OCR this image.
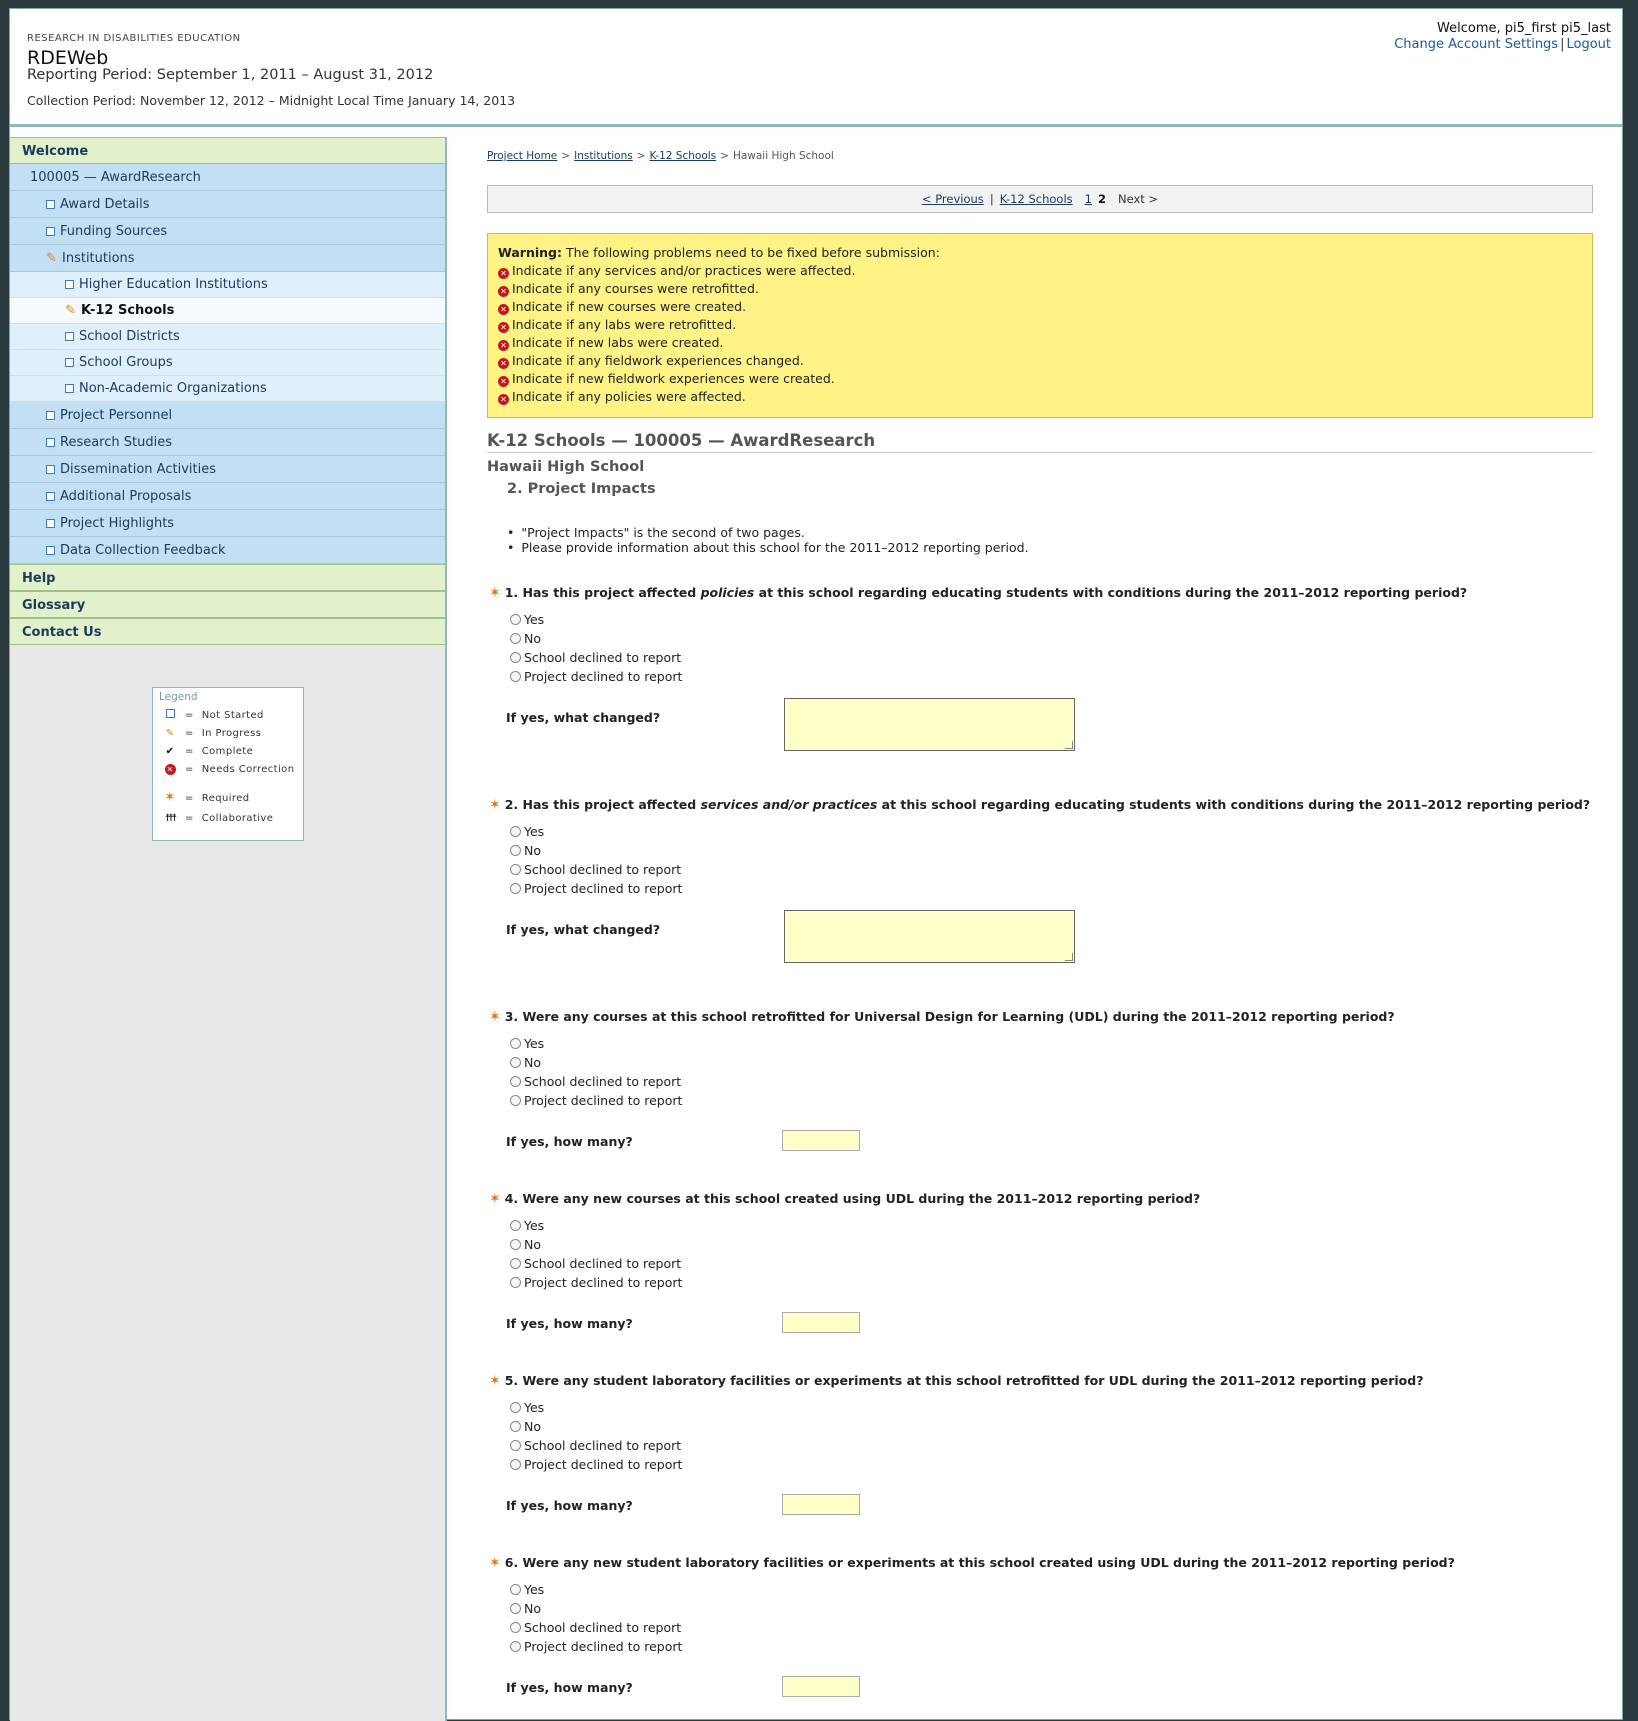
RESEARCH IN DISABILITIES EDUCATION
RDEWeb
Reporting Period: September 1, 2011 – August 31, 2012
Collection Period: November 12, 2012 – Midnight Local Time January 14, 2013
Welcome, pi5_first pi5_last
Change Account Settings | Logout
Welcome
100005 — AwardResearch
Award Details
Funding Sources
✎ Institutions
Higher Education Institutions
✎ K-12 Schools
School Districts
School Groups
Non-Academic Organizations
Project Personnel
Research Studies
Dissemination Activities
Additional Proposals
Project Highlights
Data Collection Feedback
Help
Glossary
Contact Us
Legend
= Not Started
✎ = In Progress
✔ = Complete
✕ = Needs Correction
✶ = Required
☨☨☨ = Collaborative
Project Home > Institutions > K-12 Schools > Hawaii High School
< Previous | K-12 Schools 1 2 Next >
Warning: The following problems need to be fixed before submission:
✕ Indicate if any services and/or practices were affected.
✕ Indicate if any courses were retrofitted.
✕ Indicate if new courses were created.
✕ Indicate if any labs were retrofitted.
✕ Indicate if new labs were created.
✕ Indicate if any fieldwork experiences changed.
✕ Indicate if new fieldwork experiences were created.
✕ Indicate if any policies were affected.
K-12 Schools — 100005 — AwardResearch
Hawaii High School
2. Project Impacts
• "Project Impacts" is the second of two pages.
• Please provide information about this school for the 2011–2012 reporting period.
✶ 1. Has this project affected policies at this school regarding educating students with conditions during the 2011–2012 reporting period?
Yes
No
School declined to report
Project declined to report
If yes, what changed?
✶ 2. Has this project affected services and/or practices at this school regarding educating students with conditions during the 2011–2012 reporting period?
Yes
No
School declined to report
Project declined to report
If yes, what changed?
✶ 3. Were any courses at this school retrofitted for Universal Design for Learning (UDL) during the 2011–2012 reporting period?
Yes
No
School declined to report
Project declined to report
If yes, how many?
✶ 4. Were any new courses at this school created using UDL during the 2011–2012 reporting period?
Yes
No
School declined to report
Project declined to report
If yes, how many?
✶ 5. Were any student laboratory facilities or experiments at this school retrofitted for UDL during the 2011–2012 reporting period?
Yes
No
School declined to report
Project declined to report
If yes, how many?
✶ 6. Were any new student laboratory facilities or experiments at this school created using UDL during the 2011–2012 reporting period?
Yes
No
School declined to report
Project declined to report
If yes, how many?
